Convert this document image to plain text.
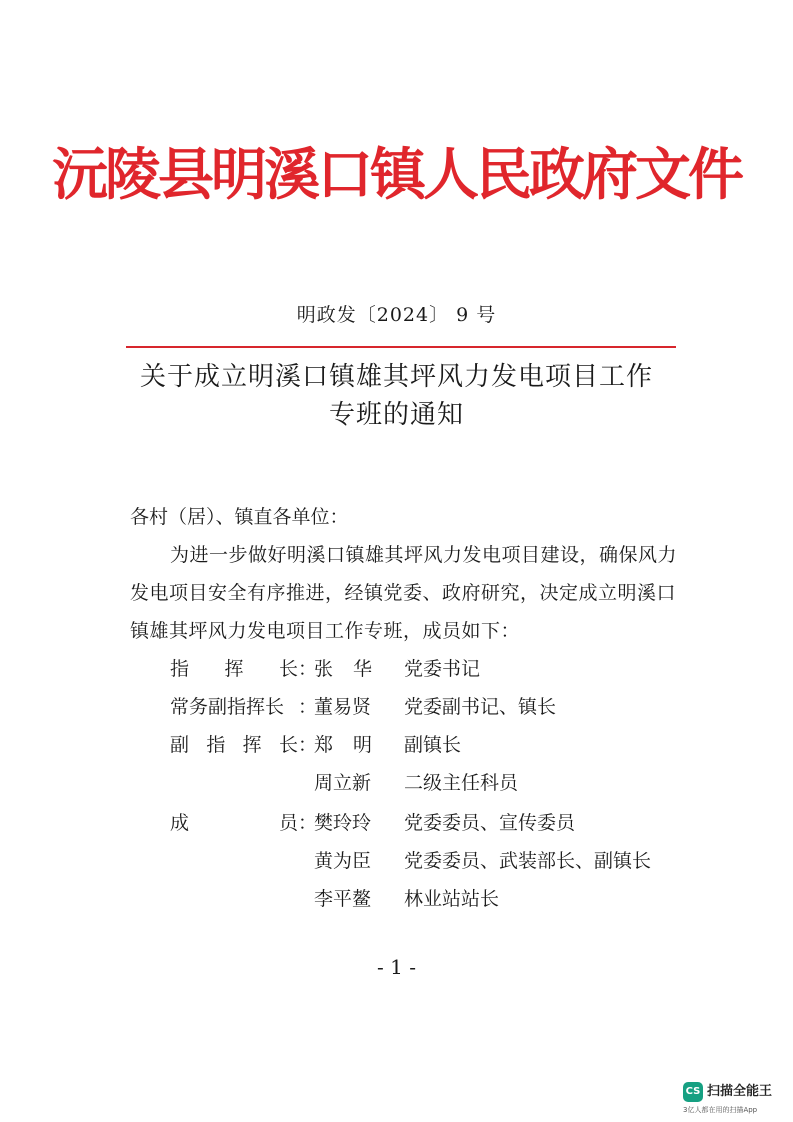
沅陵县明溪口镇人民政府文件
明政发〔2024〕 9 号
关于成立明溪口镇雄其坪风力发电项目工作
专班的通知
各村（居）、镇直各单位：
为进一步做好明溪口镇雄其坪风力发电项目建设，确保风力
发电项目安全有序推进，经镇党委、政府研究，决定成立明溪口
镇雄其坪风力发电项目工作专班，成员如下：
指 挥 长 ：
张华 党委书记
常务副指挥长 ：
董易贤 党委副书记、镇长
副 指 挥 长 ：
郑明 副镇长
周立新 二级主任科员
成	员 ：
樊玲玲 党委委员、宣传委员
黄为臣 党委委员、武装部长、副镇长
李平鳌 林业站站长
- 1 -
CS 扫描全能王
3亿人都在用的扫描App
